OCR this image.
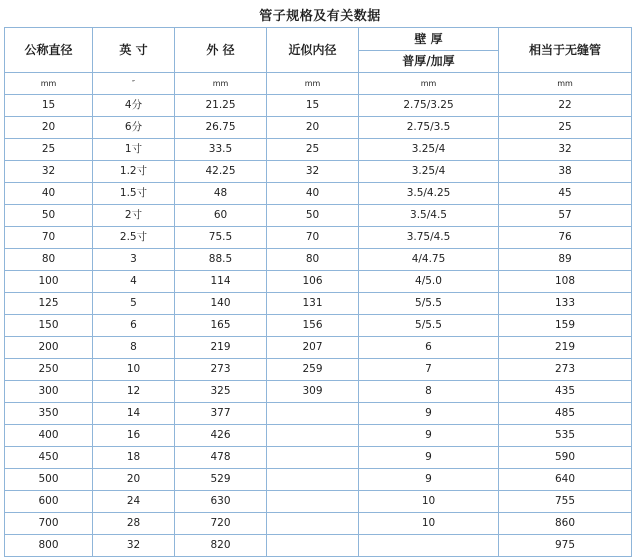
管子规格及有关数据
公称直径	英 寸	外 径	近似内径	壁 厚	相当于无缝管
				普厚/加厚	
mm	″	mm	mm	mm	mm
15	4分	21.25	15	2.75/3.25	22
20	6分	26.75	20	2.75/3.5	25
25	1寸	33.5	25	3.25/4	32
32	1.2寸	42.25	32	3.25/4	38
40	1.5寸	48	40	3.5/4.25	45
50	2寸	60	50	3.5/4.5	57
70	2.5寸	75.5	70	3.75/4.5	76
80	3	88.5	80	4/4.75	89
100	4	114	106	4/5.0	108
125	5	140	131	5/5.5	133
150	6	165	156	5/5.5	159
200	8	219	207	6	219
250	10	273	259	7	273
300	12	325	309	8	435
350	14	377		9	485
400	16	426		9	535
450	18	478		9	590
500	20	529		9	640
600	24	630		10	755
700	28	720		10	860
800	32	820			975
